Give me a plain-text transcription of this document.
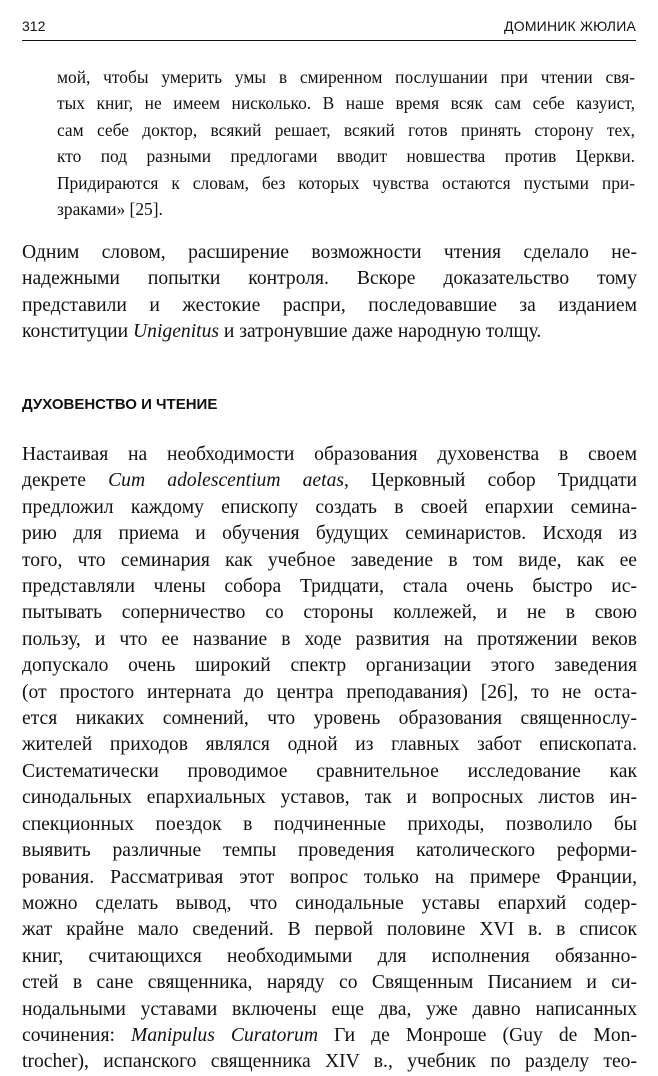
312	ДОМИНИК ЖЮЛИА
мой, чтобы умерить умы в смиренном послушании при чтении свя-
тых книг, не имеем нисколько. В наше время всяк сам себе казуист,
сам себе доктор, всякий решает, всякий готов принять сторону тех,
кто под разными предлогами вводит новшества против Церкви.
Придираются к словам, без которых чувства остаются пустыми при-
зраками» [25].
Одним словом, расширение возможности чтения сделало не-
надежными попытки контроля. Вскоре доказательство тому
представили и жестокие распри, последовавшие за изданием
конституции Unigenitus и затронувшие даже народную толщу.
ДУХОВЕНСТВО И ЧТЕНИЕ
Настаивая на необходимости образования духовенства в своем
декрете Cum adolescentium aetas, Церковный собор Тридцати
предложил каждому епископу создать в своей епархии семина-
рию для приема и обучения будущих семинаристов. Исходя из
того, что семинария как учебное заведение в том виде, как ее
представляли члены собора Тридцати, стала очень быстро ис-
пытывать соперничество со стороны коллежей, и не в свою
пользу, и что ее название в ходе развития на протяжении веков
допускало очень широкий спектр организации этого заведения
(от простого интерната до центра преподавания) [26], то не оста-
ется никаких сомнений, что уровень образования священнослу-
жителей приходов являлся одной из главных забот епископата.
Систематически проводимое сравнительное исследование как
синодальных епархиальных уставов, так и вопросных листов ин-
спекционных поездок в подчиненные приходы, позволило бы
выявить различные темпы проведения католического реформи-
рования. Рассматривая этот вопрос только на примере Франции,
можно сделать вывод, что синодальные уставы епархий содер-
жат крайне мало сведений. В первой половине XVI в. в список
книг, считающихся необходимыми для исполнения обязанно-
стей в сане священника, наряду со Священным Писанием и си-
нодальными уставами включены еще два, уже давно написанных
сочинения: Manipulus Curatorum Ги де Монроше (Guy de Mon-
trocher), испанского священника XIV в., учебник по разделу тео-
